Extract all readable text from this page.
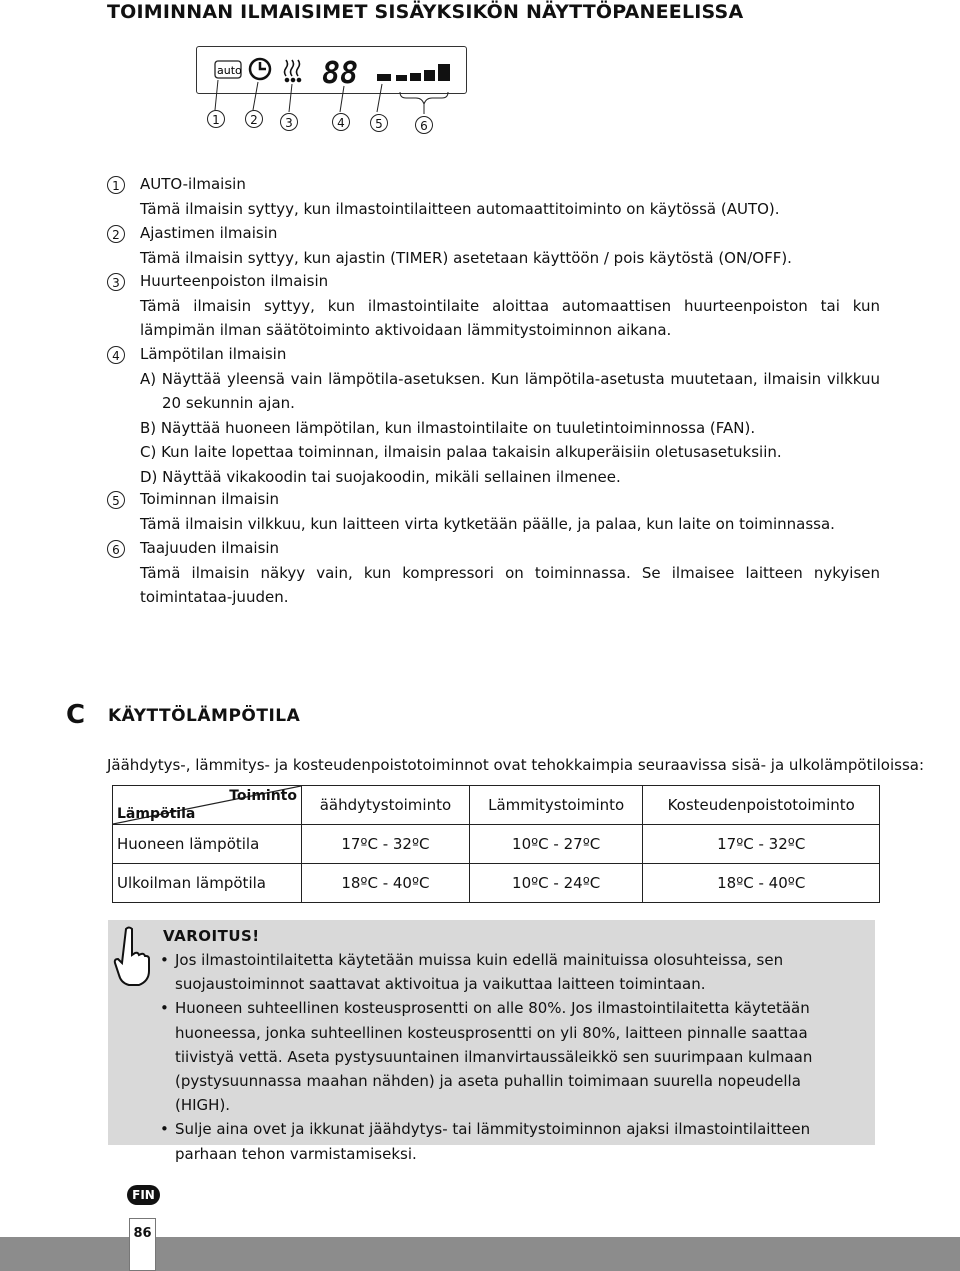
TOIMINNAN ILMAISIMET SISÄYKSIKÖN NÄYTTÖPANEELISSA
auto	88
1	2	3	4	5	6
1	AUTO-ilmaisin
Tämä ilmaisin syttyy, kun ilmastointilaitteen automaattitoiminto on käytössä (AUTO).
2	Ajastimen ilmaisin
Tämä ilmaisin syttyy, kun ajastin (TIMER) asetetaan käyttöön / pois käytöstä (ON/OFF).
3	Huurteenpoiston ilmaisin
Tämä ilmaisin syttyy, kun ilmastointilaite aloittaa automaattisen huurteenpoiston tai kun lämpimän ilman säätötoiminto aktivoidaan lämmitystoiminnon aikana.
4	Lämpötilan ilmaisin
A) Näyttää yleensä vain lämpötila-asetuksen. Kun lämpötila-asetusta muutetaan, ilmaisin vilkkuu 20 sekunnin ajan.
B) Näyttää huoneen lämpötilan, kun ilmastointilaite on tuuletintoiminnossa (FAN).
C) Kun laite lopettaa toiminnan, ilmaisin palaa takaisin alkuperäisiin oletusasetuksiin.
D) Näyttää vikakoodin tai suojakoodin, mikäli sellainen ilmenee.
5	Toiminnan ilmaisin
Tämä ilmaisin vilkkuu, kun laitteen virta kytketään päälle, ja palaa, kun laite on toiminnassa.
6	Taajuuden ilmaisin
Tämä ilmaisin näkyy vain, kun kompressori on toiminnassa. Se ilmaisee laitteen nykyisen toimintataa-juuden.
C KÄYTTÖLÄMPÖTILA
Jäähdytys-, lämmitys- ja kosteudenpoistotoiminnot ovat tehokkaimpia seuraavissa sisä- ja ulkolämpötiloissa:
Toiminto
Lämpötila	äähdytystoiminto	Lämmitystoiminto	Kosteudenpoistotoiminto
Huoneen lämpötila	17ºC - 32ºC	10ºC - 27ºC	17ºC - 32ºC
Ulkoilman lämpötila	18ºC - 40ºC	10ºC - 24ºC	18ºC - 40ºC
VAROITUS!
• Jos ilmastointilaitetta käytetään muissa kuin edellä mainituissa olosuhteissa, sen suojaustoiminnot saattavat aktivoitua ja vaikuttaa laitteen toimintaan.
• Huoneen suhteellinen kosteusprosentti on alle 80%. Jos ilmastointilaitetta käytetään huoneessa, jonka suhteellinen kosteusprosentti on yli 80%, laitteen pinnalle saattaa tiivistyä vettä. Aseta pystysuuntainen ilmanvirtaussäleikkö sen suurimpaan kulmaan (pystysuunnassa maahan nähden) ja aseta puhallin toimimaan suurella nopeudella (HIGH).
• Sulje aina ovet ja ikkunat jäähdytys- tai lämmitystoiminnon ajaksi ilmastointilaitteen parhaan tehon varmistamiseksi.
FIN
86
